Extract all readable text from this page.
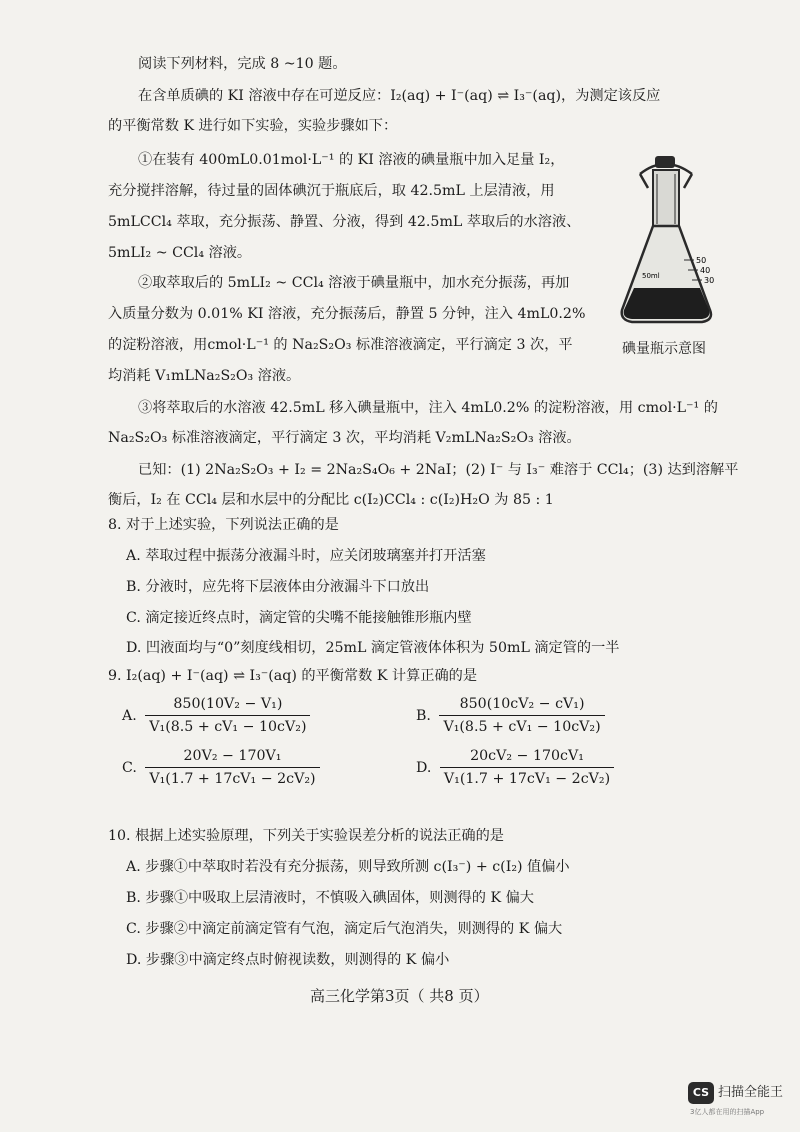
阅读下列材料，完成 8 ~10 题。
在含单质碘的 KI 溶液中存在可逆反应：I₂(aq) + I⁻(aq) ⇌ I₃⁻(aq)，为测定该反应
的平衡常数 K 进行如下实验，实验步骤如下：
①在装有 400mL0.01mol·L⁻¹ 的 KI 溶液的碘量瓶中加入足量 I₂，
充分搅拌溶解，待过量的固体碘沉于瓶底后，取 42.5mL 上层清液，用
5mLCCl₄ 萃取，充分振荡、静置、分液，得到 42.5mL 萃取后的水溶液、
5mLI₂ ~ CCl₄ 溶液。
②取萃取后的 5mLI₂ ~ CCl₄ 溶液于碘量瓶中，加水充分振荡，再加
入质量分数为 0.01% KI 溶液，充分振荡后，静置 5 分钟，注入 4mL0.2%
的淀粉溶液，用cmol·L⁻¹ 的 Na₂S₂O₃ 标准溶液滴定，平行滴定 3 次，平
均消耗 V₁mLNa₂S₂O₃ 溶液。
③将萃取后的水溶液 42.5mL 移入碘量瓶中，注入 4mL0.2% 的淀粉溶液，用 cmol·L⁻¹ 的
Na₂S₂O₃ 标准溶液滴定，平行滴定 3 次，平均消耗 V₂mLNa₂S₂O₃ 溶液。
已知：(1) 2Na₂S₂O₃ + I₂ = 2Na₂S₄O₆ + 2NaI；(2) I⁻ 与 I₃⁻ 难溶于 CCl₄；(3) 达到溶解平
衡后，I₂ 在 CCl₄ 层和水层中的分配比 c(I₂)CCl₄ : c(I₂)H₂O 为 85 : 1
50
40
30
50ml
碘量瓶示意图
8. 对于上述实验，下列说法正确的是
A. 萃取过程中振荡分液漏斗时，应关闭玻璃塞并打开活塞
B. 分液时，应先将下层液体由分液漏斗下口放出
C. 滴定接近终点时，滴定管的尖嘴不能接触锥形瓶内壁
D. 凹液面均与“0”刻度线相切，25mL 滴定管液体体积为 50mL 滴定管的一半
9. I₂(aq) + I⁻(aq) ⇌ I₃⁻(aq) 的平衡常数 K 计算正确的是
A. $\frac{\text{850(10V₂ − V₁)}}{\text{V₁(8.5 + cV₁ − 10cV₂)}}$	B. $\frac{\text{850(10cV₂ − cV₁)}}{\text{V₁(8.5 + cV₁ − 10cV₂)}}$
C. $\frac{\text{20V₂ − 170V₁}}{\text{V₁(1.7 + 17cV₁ − 2cV₂)}}$	D. $\frac{\text{20cV₂ − 170cV₁}}{\text{V₁(1.7 + 17cV₁ − 2cV₂)}}$
10. 根据上述实验原理，下列关于实验误差分析的说法正确的是
A. 步骤①中萃取时若没有充分振荡，则导致所测 c(I₃⁻) + c(I₂) 值偏小
B. 步骤①中吸取上层清液时，不慎吸入碘固体，则测得的 K 偏大
C. 步骤②中滴定前滴定管有气泡，滴定后气泡消失，则测得的 K 偏大
D. 步骤③中滴定终点时俯视读数，则测得的 K 偏小
高三化学第3页（ 共8 页）
CS 扫描全能王
3亿人都在用的扫描App
